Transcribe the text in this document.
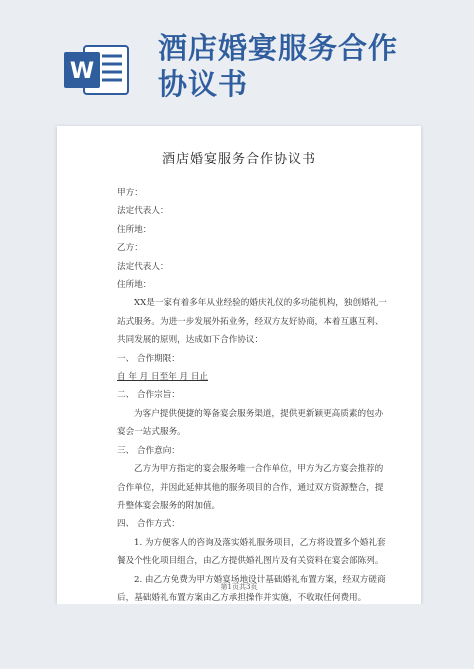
W
酒店婚宴服务合作
协议书
酒店婚宴服务合作协议书

甲方：

法定代表人：

住所地：

乙方：

法定代表人：

住所地：

XX是一家有着多年从业经验的婚庆礼仪的多功能机构，独创婚礼一站式服务。为进一步发展外拓业务，经双方友好协商，本着互惠互利、共同发展的原则，达成如下合作协议：

一、 合作期限：

自 年 月 日至年 月 日止

二、 合作宗旨：

为客户提供便捷的筹备宴会服务渠道，提供更新颖更高质素的包办宴会一站式服务。

三、 合作意向：

乙方为甲方指定的宴会服务唯一合作单位，甲方为乙方宴会推荐的合作单位，并因此延伸其他的服务项目的合作，通过双方资源整合，提升整体宴会服务的附加值。

四、 合作方式：

1. 为方便客人的咨询及落实婚礼服务项目，乙方将设置多个婚礼套餐及个性化项目组合，由乙方提供婚礼图片及有关资料在宴会部陈列。

2. 由乙方免费为甲方婚宴场地设计基础婚礼布置方案，经双方磋商 后，基础婚礼布置方案由乙方承担操作并实施，不收取任何费用。

第1页共3页
